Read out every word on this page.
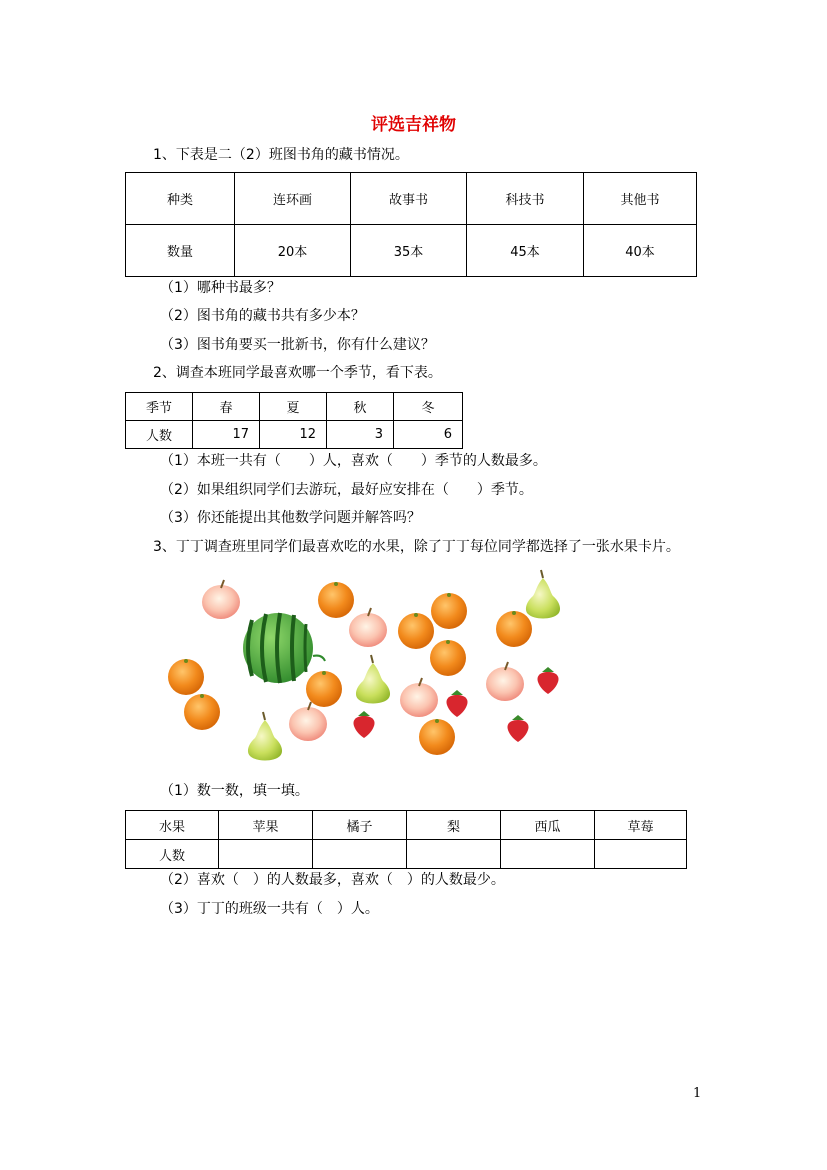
评选吉祥物
1、下表是二（2）班图书角的藏书情况。
种类	连环画	故事书	科技书	其他书
数量	20本	35本	45本	40本
（1）哪种书最多？
（2）图书角的藏书共有多少本？
（3）图书角要买一批新书，你有什么建议？
2、调查本班同学最喜欢哪一个季节，看下表。
季节	春	夏	秋	冬
人数	17	12	3	6
（1）本班一共有（　　）人，喜欢（　　）季节的人数最多。
（2）如果组织同学们去游玩，最好应安排在（　　）季节。
（3）你还能提出其他数学问题并解答吗？
3、丁丁调查班里同学们最喜欢吃的水果，除了丁丁每位同学都选择了一张水果卡片。
（1）数一数，填一填。
水果	苹果	橘子	梨	西瓜	草莓
人数					
（2）喜欢（　）的人数最多，喜欢（　）的人数最少。
（3）丁丁的班级一共有（　）人。
1
